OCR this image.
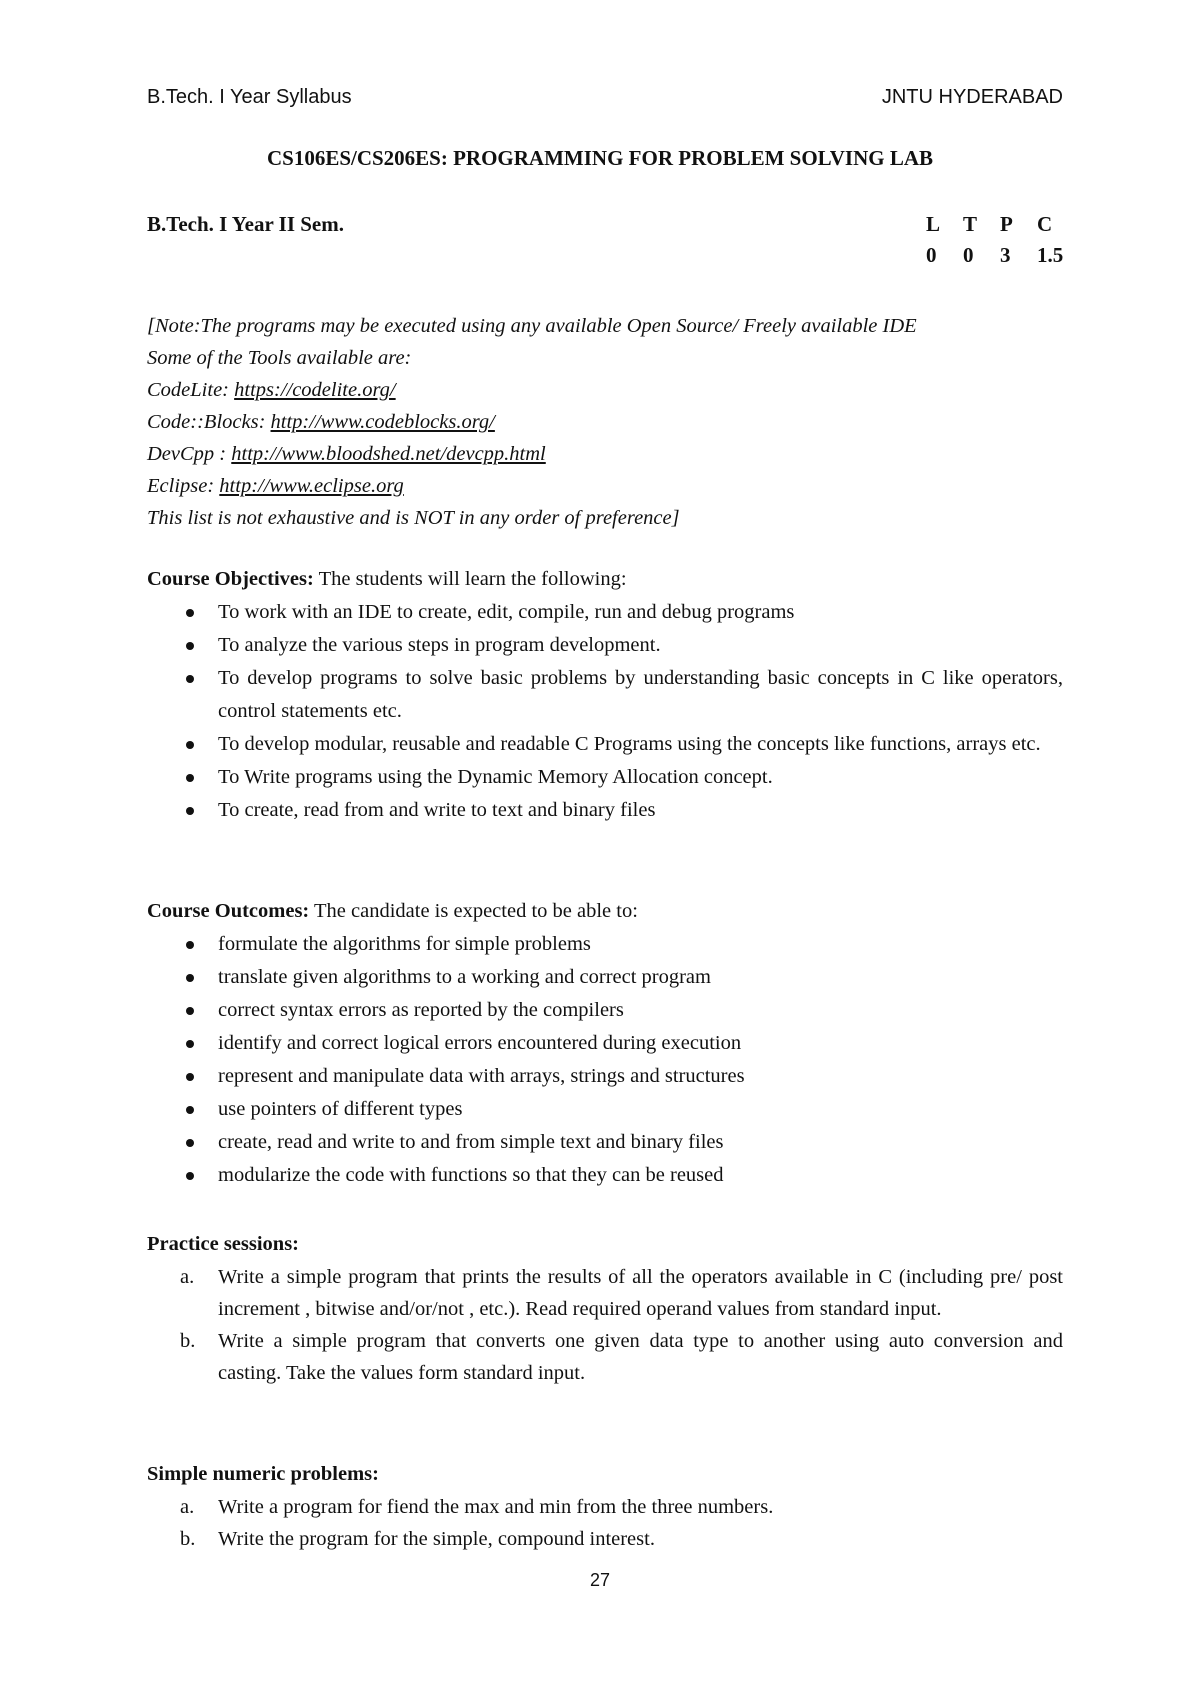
B.Tech. I Year Syllabus	JNTU HYDERABAD
CS106ES/CS206ES: PROGRAMMING FOR PROBLEM SOLVING LAB
B.Tech. I Year II Sem.	L	T	P	C
0	0	3	1.5
[Note:The programs may be executed using any available Open Source/ Freely available IDE
Some of the Tools available are:
CodeLite: https://codelite.org/
Code::Blocks: http://www.codeblocks.org/
DevCpp : http://www.bloodshed.net/devcpp.html
Eclipse: http://www.eclipse.org
This list is not exhaustive and is NOT in any order of preference]
Course Objectives: The students will learn the following:
To work with an IDE to create, edit, compile, run and debug programs
To analyze the various steps in program development.
To develop programs to solve basic problems by understanding basic concepts in C like operators, control statements etc.
To develop modular, reusable and readable C Programs using the concepts like functions, arrays etc.
To Write programs using the Dynamic Memory Allocation concept.
To create, read from and write to text and binary files
Course Outcomes: The candidate is expected to be able to:
formulate the algorithms for simple problems
translate given algorithms to a working and correct program
correct syntax errors as reported by the compilers
identify and correct logical errors encountered during execution
represent and manipulate data with arrays, strings and structures
use pointers of different types
create, read and write to and from simple text and binary files
modularize the code with functions so that they can be reused
Practice sessions:
a. Write a simple program that prints the results of all the operators available in C (including pre/ post increment , bitwise and/or/not , etc.). Read required operand values from standard input.
b. Write a simple program that converts one given data type to another using auto conversion and casting. Take the values form standard input.
Simple numeric problems:
a. Write a program for fiend the max and min from the three numbers.
b. Write the program for the simple, compound interest.
27
